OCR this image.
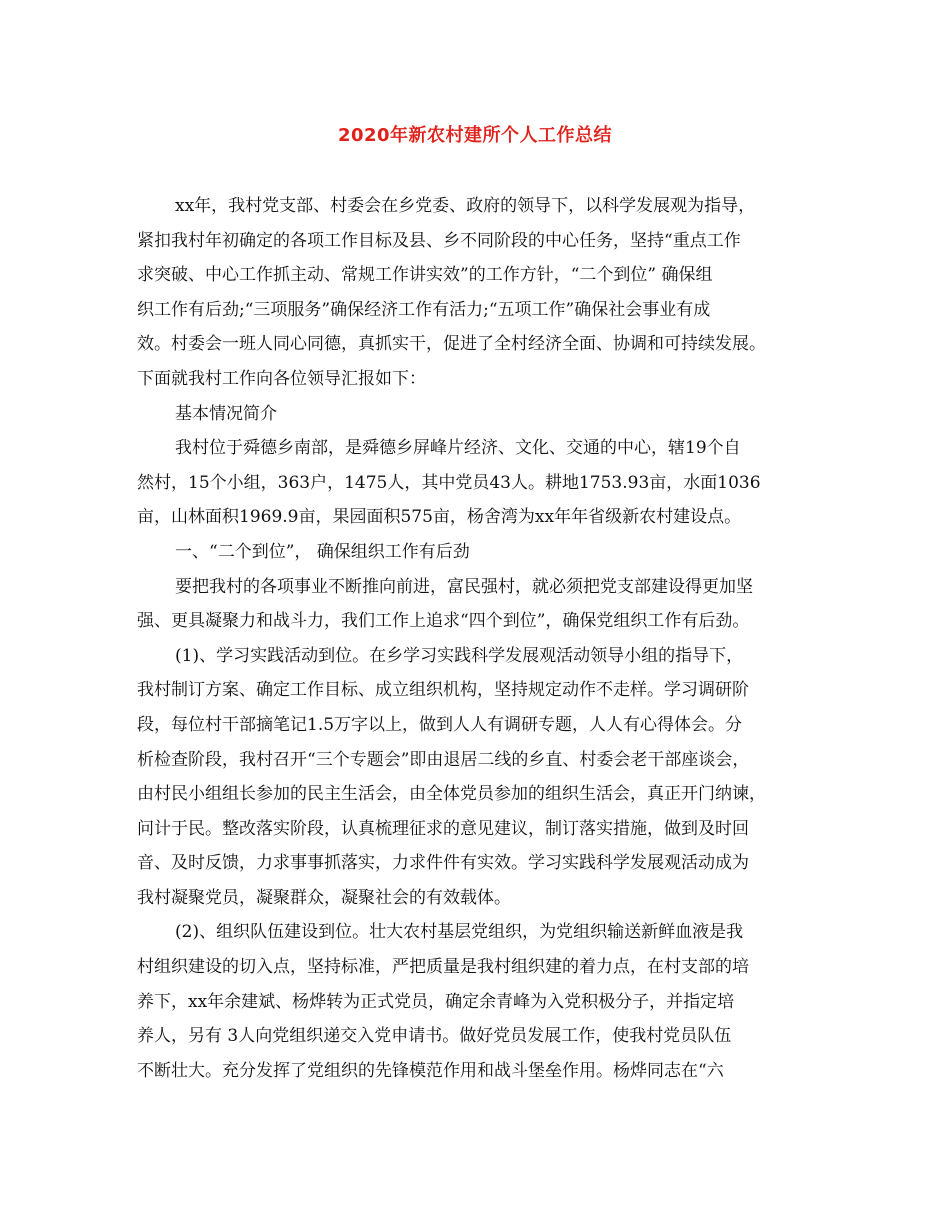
2020年新农村建所个人工作总结
xx年，我村党支部、村委会在乡党委、政府的领导下，以科学发展观为指导，
紧扣我村年初确定的各项工作目标及县、乡不同阶段的中心任务，坚持“重点工作
求突破、中心工作抓主动、常规工作讲实效”的工作方针，“二个到位” 确保组
织工作有后劲;“三项服务”确保经济工作有活力;“五项工作”确保社会事业有成
效。村委会一班人同心同德，真抓实干，促进了全村经济全面、协调和可持续发展。
下面就我村工作向各位领导汇报如下：
基本情况简介
我村位于舜德乡南部，是舜德乡屏峰片经济、文化、交通的中心，辖19个自
然村，15个小组，363户，1475人，其中党员43人。耕地1753.93亩，水面1036
亩，山林面积1969.9亩，果园面积575亩，杨舍湾为xx年年省级新农村建设点。
一、“二个到位”， 确保组织工作有后劲
要把我村的各项事业不断推向前进，富民强村，就必须把党支部建设得更加坚
强、更具凝聚力和战斗力，我们工作上追求“四个到位”，确保党组织工作有后劲。
(1)、学习实践活动到位。在乡学习实践科学发展观活动领导小组的指导下，
我村制订方案、确定工作目标、成立组织机构，坚持规定动作不走样。学习调研阶
段，每位村干部摘笔记1.5万字以上，做到人人有调研专题，人人有心得体会。分
析检查阶段，我村召开“三个专题会”即由退居二线的乡直、村委会老干部座谈会，
由村民小组组长参加的民主生活会，由全体党员参加的组织生活会，真正开门纳谏，
问计于民。整改落实阶段，认真梳理征求的意见建议，制订落实措施，做到及时回
音、及时反馈，力求事事抓落实，力求件件有实效。学习实践科学发展观活动成为
我村凝聚党员，凝聚群众，凝聚社会的有效载体。
(2)、组织队伍建设到位。壮大农村基层党组织，为党组织输送新鲜血液是我
村组织建设的切入点，坚持标准，严把质量是我村组织建的着力点，在村支部的培
养下，xx年余建斌、杨烨转为正式党员，确定余青峰为入党积极分子，并指定培
养人，另有 3人向党组织递交入党申请书。做好党员发展工作，使我村党员队伍
不断壮大。充分发挥了党组织的先锋模范作用和战斗堡垒作用。杨烨同志在“六
